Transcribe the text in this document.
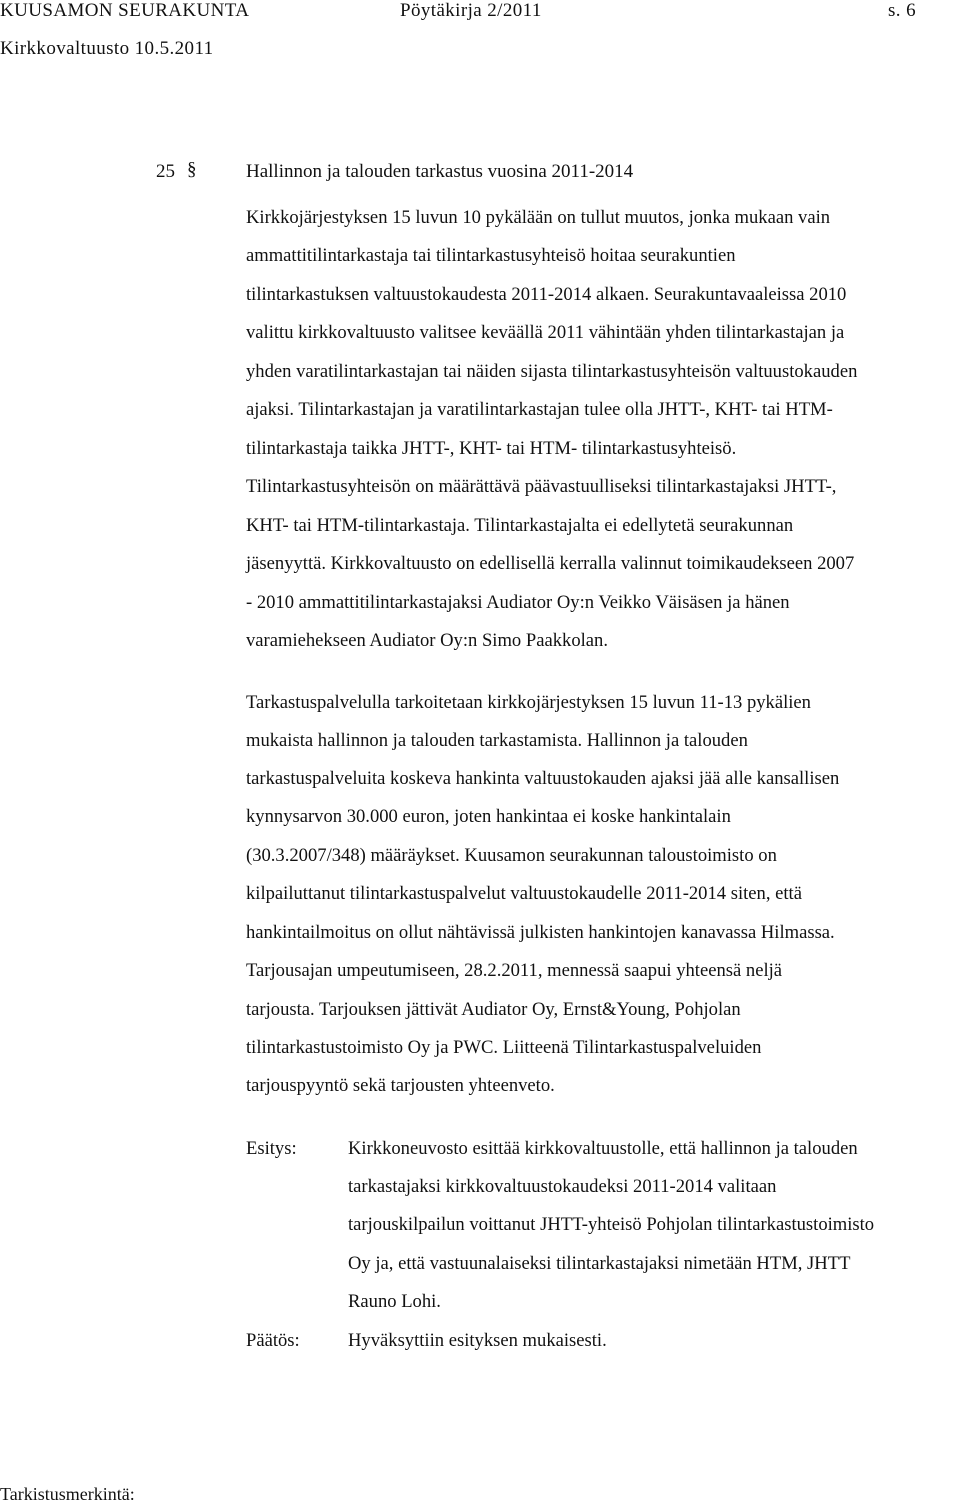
KUUSAMON SEURAKUNTA	Pöytäkirja 2/2011	s. 6
Kirkkovaltuusto 10.5.2011
25 §	Hallinnon ja talouden tarkastus vuosina 2011-2014
Kirkkojärjestyksen 15 luvun 10 pykälään on tullut muutos, jonka mukaan vain
ammattitilintarkastaja tai tilintarkastusyhteisö hoitaa seurakuntien
tilintarkastuksen valtuustokaudesta 2011-2014 alkaen. Seurakuntavaaleissa 2010
valittu kirkkovaltuusto valitsee keväällä 2011 vähintään yhden tilintarkastajan ja
yhden varatilintarkastajan tai näiden sijasta tilintarkastusyhteisön valtuustokauden
ajaksi. Tilintarkastajan ja varatilintarkastajan tulee olla JHTT-, KHT- tai HTM-
tilintarkastaja taikka JHTT-, KHT- tai HTM- tilintarkastusyhteisö.
Tilintarkastusyhteisön on määrättävä päävastuulliseksi tilintarkastajaksi JHTT-,
KHT- tai HTM-tilintarkastaja. Tilintarkastajalta ei edellytetä seurakunnan
jäsenyyttä. Kirkkovaltuusto on edellisellä kerralla valinnut toimikaudekseen 2007
- 2010 ammattitilintarkastajaksi Audiator Oy:n Veikko Väisäsen ja hänen
varamiehekseen Audiator Oy:n Simo Paakkolan.
Tarkastuspalvelulla tarkoitetaan kirkkojärjestyksen 15 luvun 11-13 pykälien
mukaista hallinnon ja talouden tarkastamista. Hallinnon ja talouden
tarkastuspalveluita koskeva hankinta valtuustokauden ajaksi jää alle kansallisen
kynnysarvon 30.000 euron, joten hankintaa ei koske hankintalain
(30.3.2007/348) määräykset. Kuusamon seurakunnan taloustoimisto on
kilpailuttanut tilintarkastuspalvelut valtuustokaudelle 2011-2014 siten, että
hankintailmoitus on ollut nähtävissä julkisten hankintojen kanavassa Hilmassa.
Tarjousajan umpeutumiseen, 28.2.2011, mennessä saapui yhteensä neljä
tarjousta. Tarjouksen jättivät Audiator Oy, Ernst&Young, Pohjolan
tilintarkastustoimisto Oy ja PWC. Liitteenä Tilintarkastuspalveluiden
tarjouspyyntö sekä tarjousten yhteenveto.
Esitys:	Kirkkoneuvosto esittää kirkkovaltuustolle, että hallinnon ja talouden
tarkastajaksi kirkkovaltuustokaudeksi 2011-2014 valitaan
tarjouskilpailun voittanut JHTT-yhteisö Pohjolan tilintarkastustoimisto
Oy ja, että vastuunalaiseksi tilintarkastajaksi nimetään HTM, JHTT
Rauno Lohi.
Päätös:	Hyväksyttiin esityksen mukaisesti.
Tarkistusmerkintä:
